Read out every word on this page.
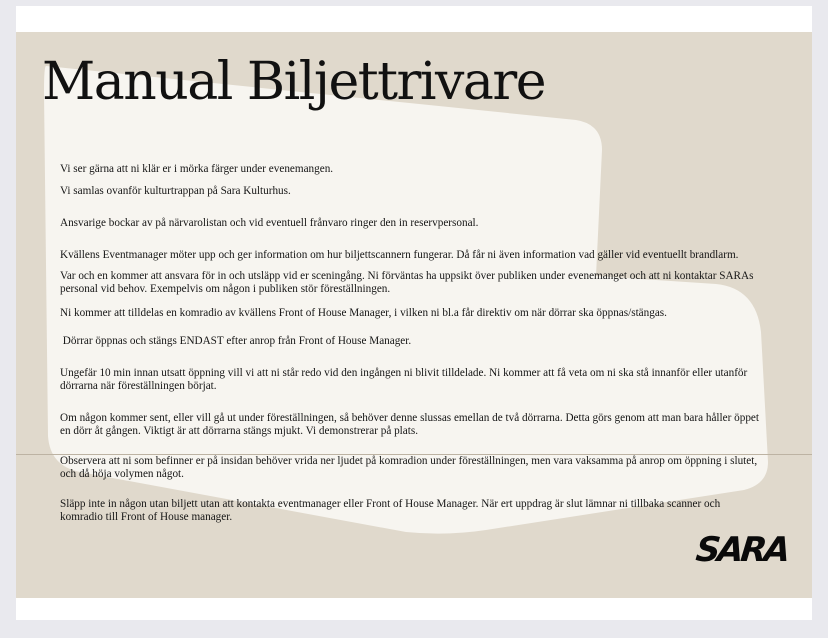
Manual Biljettrivare

Vi ser gärna att ni klär er i mörka färger under evenemangen.

Vi samlas ovanför kulturtrappan på Sara Kulturhus.

Ansvarige bockar av på närvarolistan och vid eventuell frånvaro ringer den in reservpersonal.

Kvällens Eventmanager möter upp och ger information om hur biljettscannern fungerar. Då får ni även information vad gäller vid eventuellt brandlarm.

Var och en kommer att ansvara för in och utsläpp vid er sceningång. Ni förväntas ha uppsikt över publiken under evenemanget och att ni kontaktar SARAs personal vid behov. Exempelvis om någon i publiken stör föreställningen.

Ni kommer att tilldelas en komradio av kvällens Front of House Manager, i vilken ni bl.a får direktiv om när dörrar ska öppnas/stängas.

Dörrar öppnas och stängs ENDAST efter anrop från Front of House Manager.

Ungefär 10 min innan utsatt öppning vill vi att ni står redo vid den ingången ni blivit tilldelade. Ni kommer att få veta om ni ska stå innanför eller utanför dörrarna när föreställningen börjat.

Om någon kommer sent, eller vill gå ut under föreställningen, så behöver denne slussas emellan de två dörrarna. Detta görs genom att man bara håller öppet en dörr åt gången. Viktigt är att dörrarna stängs mjukt. Vi demonstrerar på plats.

Observera att ni som befinner er på insidan behöver vrida ner ljudet på komradion under föreställningen, men vara vaksamma på anrop om öppning i slutet, och då höja volymen något.

Släpp inte in någon utan biljett utan att kontakta eventmanager eller Front of House Manager. När ert uppdrag är slut lämnar ni tillbaka scanner och komradio till Front of House manager.

SARA
